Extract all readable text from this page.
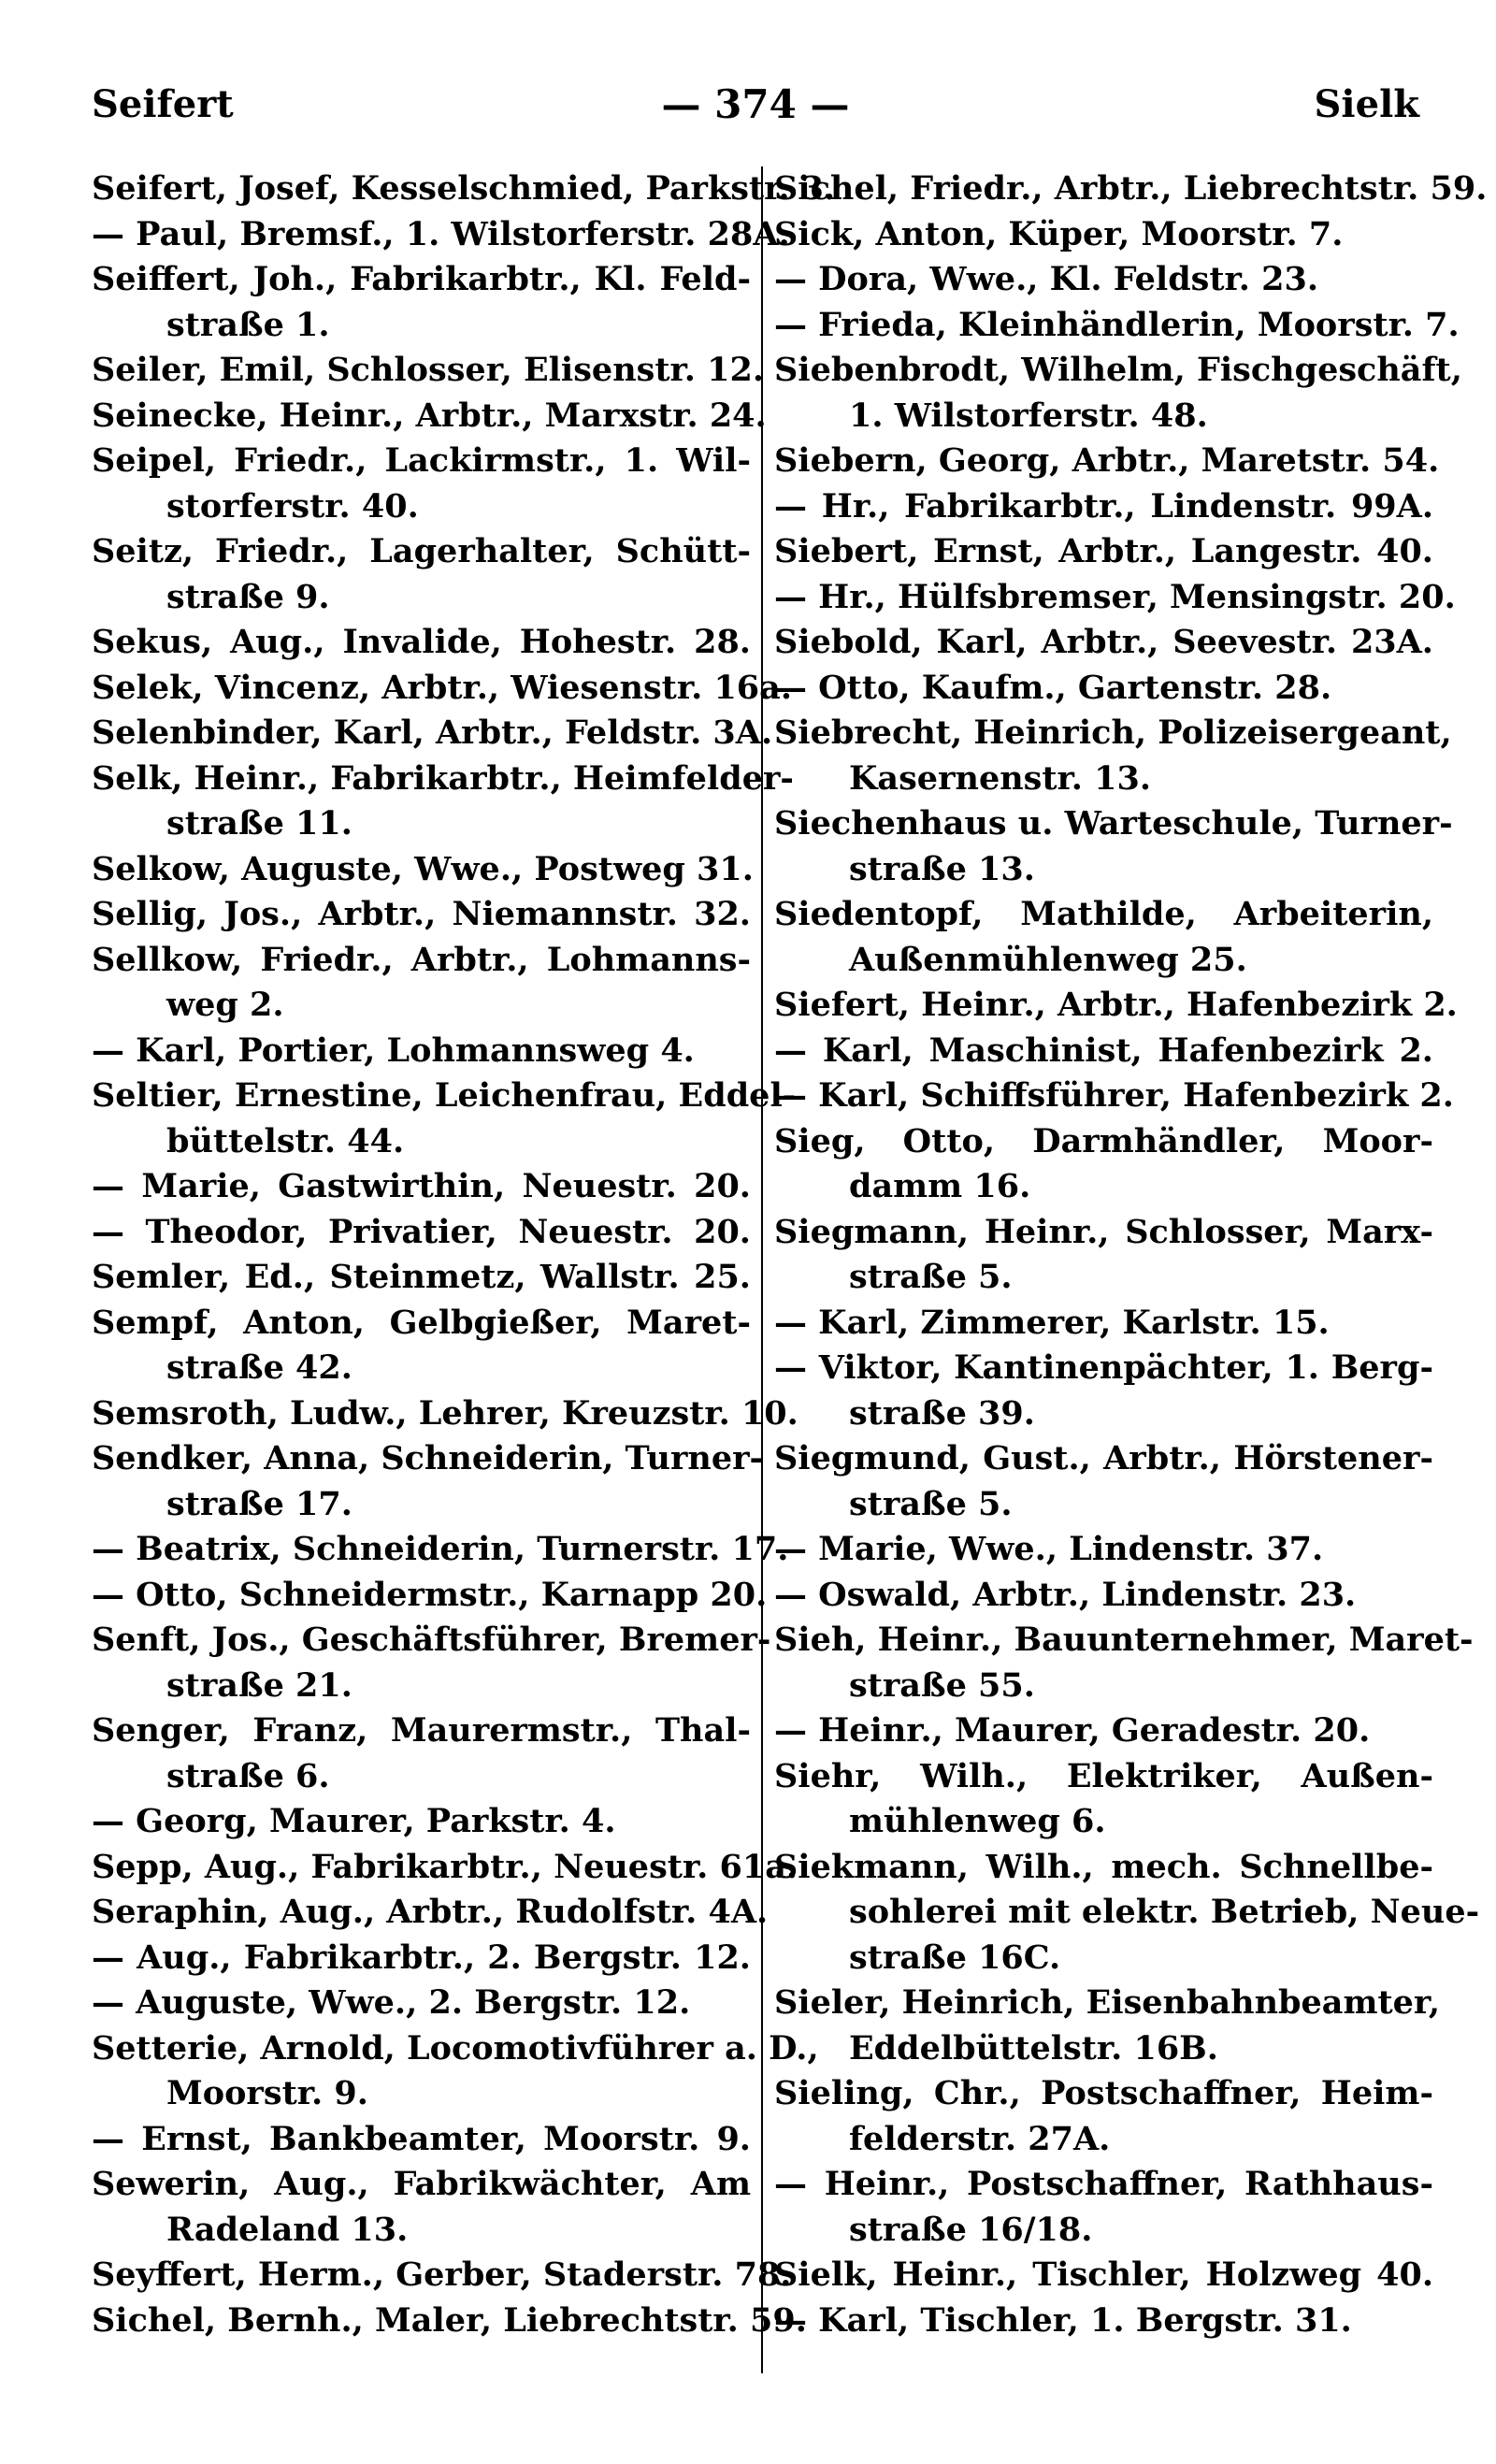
Seifert	— 374 —	Sielk
Seifert, Josef, Kesselschmied, Parkstr. 3.
— Paul, Bremsf., 1. Wilstorferstr. 28A.
Seiffert, Joh., Fabrikarbtr., Kl. Feld-
straße 1.
Seiler, Emil, Schlosser, Elisenstr. 12.
Seinecke, Heinr., Arbtr., Marxstr. 24.
Seipel, Friedr., Lackirmstr., 1. Wil-
storferstr. 40.
Seitz, Friedr., Lagerhalter, Schütt-
straße 9.
Sekus, Aug., Invalide, Hohestr. 28.
Selek, Vincenz, Arbtr., Wiesenstr. 16a.
Selenbinder, Karl, Arbtr., Feldstr. 3A.
Selk, Heinr., Fabrikarbtr., Heimfelder-
straße 11.
Selkow, Auguste, Wwe., Postweg 31.
Sellig, Jos., Arbtr., Niemannstr. 32.
Sellkow, Friedr., Arbtr., Lohmanns-
weg 2.
— Karl, Portier, Lohmannsweg 4.
Seltier, Ernestine, Leichenfrau, Eddel-
büttelstr. 44.
— Marie, Gastwirthin, Neuestr. 20.
— Theodor, Privatier, Neuestr. 20.
Semler, Ed., Steinmetz, Wallstr. 25.
Sempf, Anton, Gelbgießer, Maret-
straße 42.
Semsroth, Ludw., Lehrer, Kreuzstr. 10.
Sendker, Anna, Schneiderin, Turner-
straße 17.
— Beatrix, Schneiderin, Turnerstr. 17.
— Otto, Schneidermstr., Karnapp 20.
Senft, Jos., Geschäftsführer, Bremer-
straße 21.
Senger, Franz, Maurermstr., Thal-
straße 6.
— Georg, Maurer, Parkstr. 4.
Sepp, Aug., Fabrikarbtr., Neuestr. 61a.
Seraphin, Aug., Arbtr., Rudolfstr. 4A.
— Aug., Fabrikarbtr., 2. Bergstr. 12.
— Auguste, Wwe., 2. Bergstr. 12.
Setterie, Arnold, Locomotivführer a. D.,
Moorstr. 9.
— Ernst, Bankbeamter, Moorstr. 9.
Sewerin, Aug., Fabrikwächter, Am
Radeland 13.
Seyffert, Herm., Gerber, Staderstr. 78.
Sichel, Bernh., Maler, Liebrechtstr. 59.
Sichel, Friedr., Arbtr., Liebrechtstr. 59.
Sick, Anton, Küper, Moorstr. 7.
— Dora, Wwe., Kl. Feldstr. 23.
— Frieda, Kleinhändlerin, Moorstr. 7.
Siebenbrodt, Wilhelm, Fischgeschäft,
1. Wilstorferstr. 48.
Siebern, Georg, Arbtr., Maretstr. 54.
— Hr., Fabrikarbtr., Lindenstr. 99A.
Siebert, Ernst, Arbtr., Langestr. 40.
— Hr., Hülfsbremser, Mensingstr. 20.
Siebold, Karl, Arbtr., Seevestr. 23A.
— Otto, Kaufm., Gartenstr. 28.
Siebrecht, Heinrich, Polizeisergeant,
Kasernenstr. 13.
Siechenhaus u. Warteschule, Turner-
straße 13.
Siedentopf, Mathilde, Arbeiterin,
Außenmühlenweg 25.
Siefert, Heinr., Arbtr., Hafenbezirk 2.
— Karl, Maschinist, Hafenbezirk 2.
— Karl, Schiffsführer, Hafenbezirk 2.
Sieg, Otto, Darmhändler, Moor-
damm 16.
Siegmann, Heinr., Schlosser, Marx-
straße 5.
— Karl, Zimmerer, Karlstr. 15.
— Viktor, Kantinenpächter, 1. Berg-
straße 39.
Siegmund, Gust., Arbtr., Hörstener-
straße 5.
— Marie, Wwe., Lindenstr. 37.
— Oswald, Arbtr., Lindenstr. 23.
Sieh, Heinr., Bauunternehmer, Maret-
straße 55.
— Heinr., Maurer, Geradestr. 20.
Siehr, Wilh., Elektriker, Außen-
mühlenweg 6.
Siekmann, Wilh., mech. Schnellbe-
sohlerei mit elektr. Betrieb, Neue-
straße 16C.
Sieler, Heinrich, Eisenbahnbeamter,
Eddelbüttelstr. 16B.
Sieling, Chr., Postschaffner, Heim-
felderstr. 27A.
— Heinr., Postschaffner, Rathhaus-
straße 16/18.
Sielk, Heinr., Tischler, Holzweg 40.
— Karl, Tischler, 1. Bergstr. 31.
